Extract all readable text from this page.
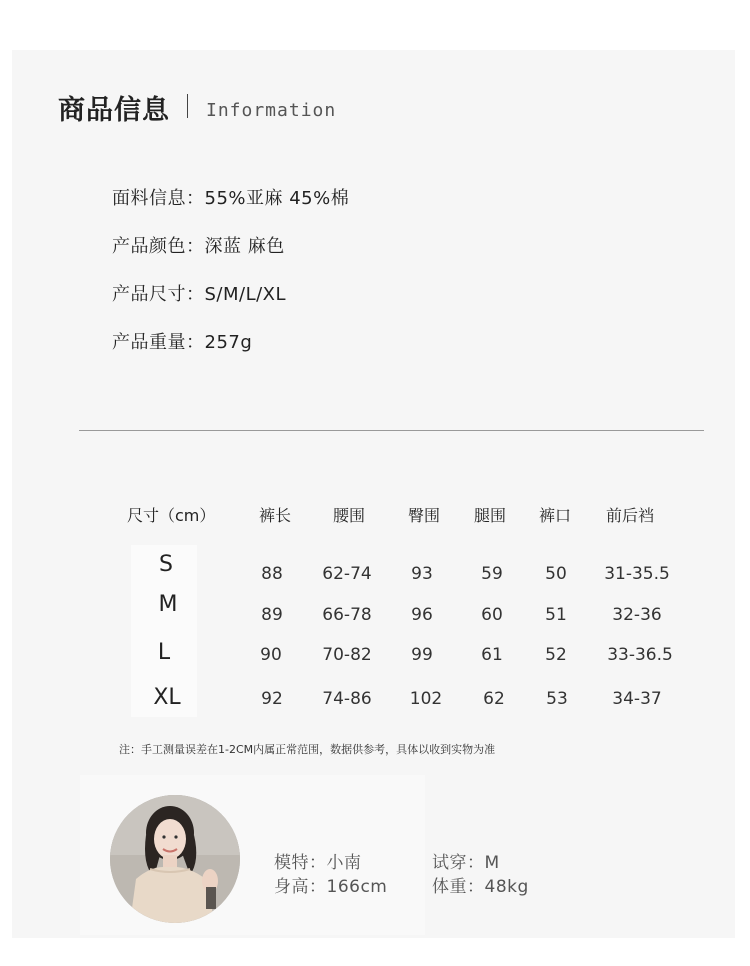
商品信息 Information
面料信息：55%亚麻 45%棉
产品颜色：深蓝 麻色
产品尺寸：S/M/L/XL
产品重量：257g
尺寸（cm）	裤长	腰围	臀围 腿围 裤口 前后裆
S	88 62-74 93	59 50 31-35.5
M	89 66-78 96	60 51	32-36
L	90 70-82 99	61 52 33-36.5
XL	92 74-86 102 62 53	34-37
注：手工测量误差在1-2CM内属正常范围，数据供参考，具体以收到实物为准
模特：小南	试穿：M
身高：166cm	体重：48kg
